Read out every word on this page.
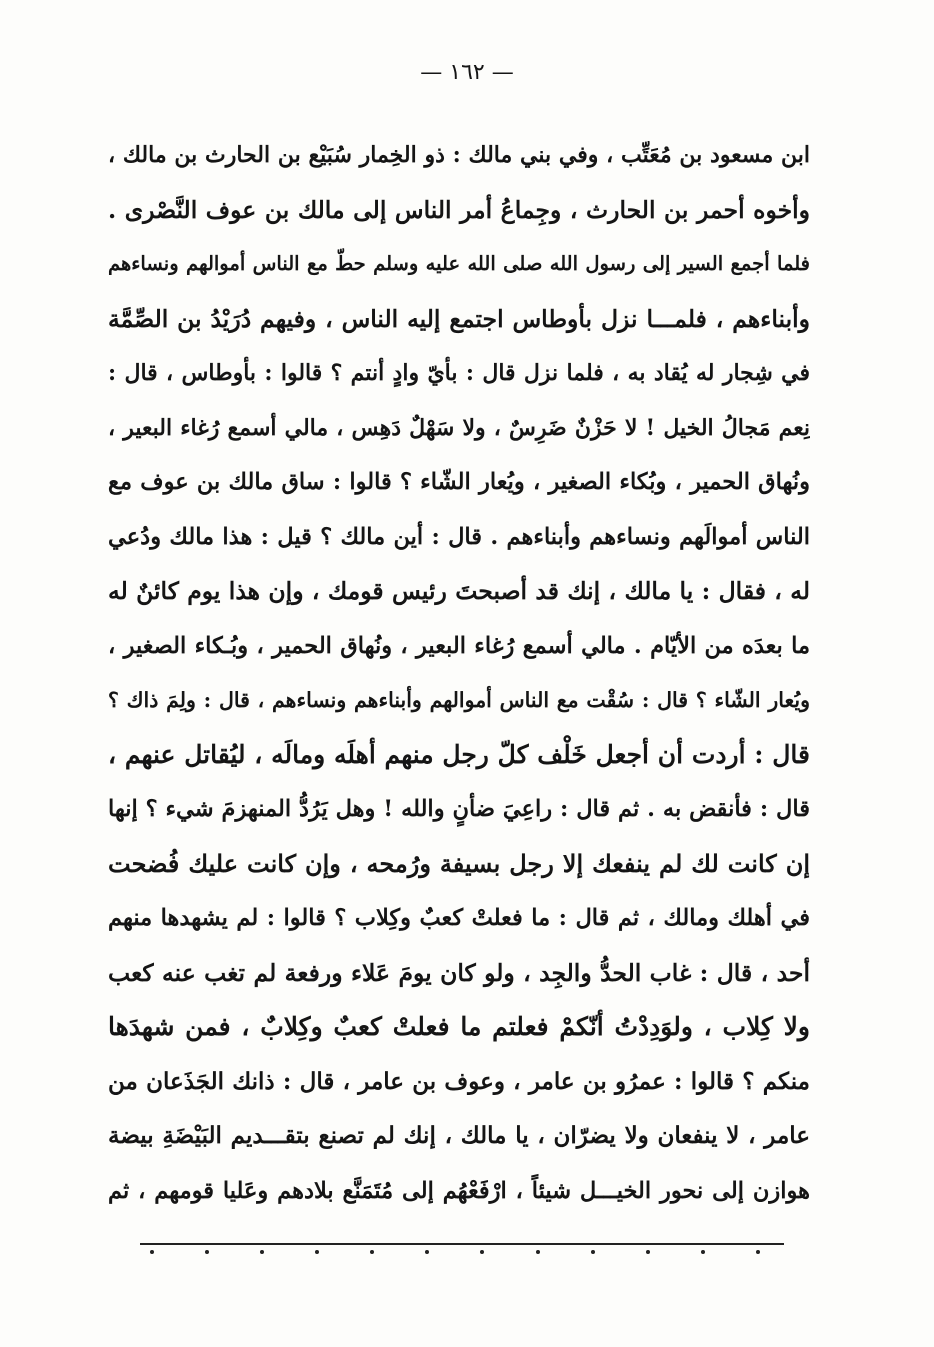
— ١٦٢ —
ابن مسعود بن مُعَتِّب ، وفي بني مالك : ذو الخِمار سُبَيْع بن الحارث بن مالك ،
وأخوه أحمر بن الحارث ، وجِماعُ أمر الناس إلى مالك بن عوف النَّصْرى .
فلما أجمع السير إلى رسول الله صلى الله عليه وسلم حطّ مع الناس أموالهم ونساءهم
وأبناءهم ، فلمـــا نزل بأوطاس اجتمع إليه الناس ، وفيهم دُرَيْدُ بن الصِّمَّة
في شِجار له يُقاد به ، فلما نزل قال : بأيّ وادٍ أنتم ؟ قالوا : بأوطاس ، قال :
نِعم مَجالُ الخيل ! لا حَزْنٌ ضَرِسٌ ، ولا سَهْلٌ دَهِس ، مالي أسمع رُغاء البعير ،
ونُهاق الحمير ، وبُكاء الصغير ، ويُعار الشّاء ؟ قالوا : ساق مالك بن عوف مع
الناس أموالَهم ونساءهم وأبناءهم . قال : أين مالك ؟ قيل : هذا مالك ودُعي
له ، فقال : يا مالك ، إنك قد أصبحتَ رئيس قومك ، وإن هذا يوم كائنٌ له
ما بعدَه من الأيّام . مالي أسمع رُغاء البعير ، ونُهاق الحمير ، وبُـكاء الصغير ،
ويُعار الشّاء ؟ قال : سُقْت مع الناس أموالهم وأبناءهم ونساءهم ، قال : ولِمَ ذاك ؟
قال : أردت أن أجعل خَلْف كلّ رجل منهم أهلَه ومالَه ، ليُقاتل عنهم ،
قال : فأنقض به . ثم قال : راعِيَ ضأنٍ والله ! وهل يَرُدُّ المنهزمَ شيء ؟ إنها
إن كانت لك لم ينفعك إلا رجل بسيفة ورُمحه ، وإن كانت عليك فُضحت
في أهلك ومالك ، ثم قال : ما فعلتْ كعبٌ وكِلاب ؟ قالوا : لم يشهدها منهم
أحد ، قال : غاب الحدُّ والجِد ، ولو كان يومَ عَلاء ورفعة لم تغب عنه كعب
ولا كِلاب ، ولوَدِدْتُ أنّكمْ فعلتم ما فعلتْ كعبٌ وكِلابٌ ، فمن شهدَها
منكم ؟ قالوا : عمرُو بن عامر ، وعوف بن عامر ، قال : ذانك الجَذَعان من
عامر ، لا ينفعان ولا يضرّان ، يا مالك ، إنك لم تصنع بتقـــديم البَيْضَةِ بيضة
هوازن إلى نحور الخيـــل شيئاً ، ارْفَعْهُم إلى مُتَمَنَّع بلادهم وعَليا قومهم ، ثم
